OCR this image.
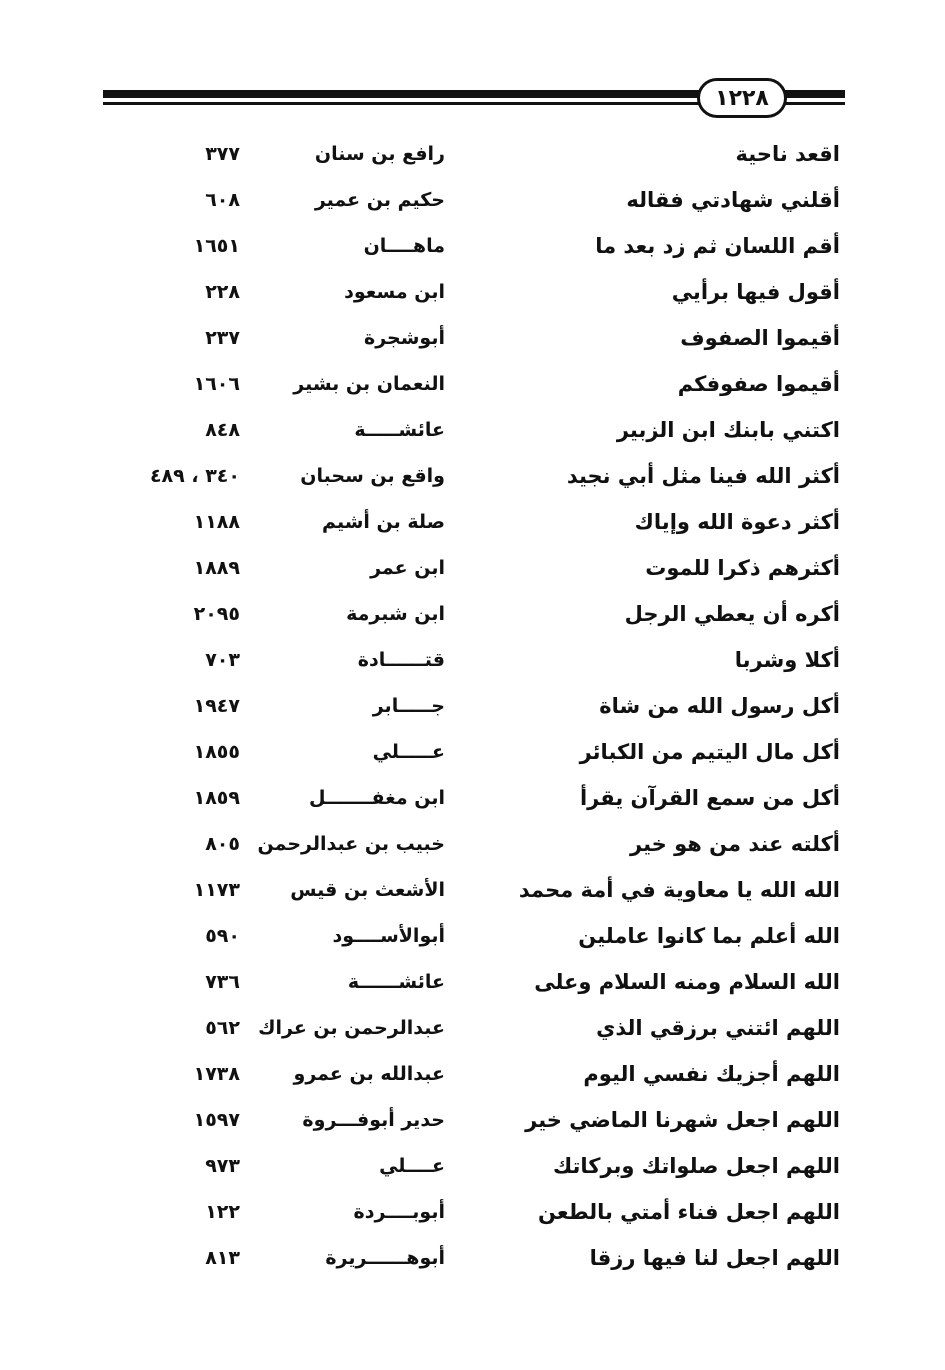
١٢٢٨
اقعد ناحية
رافع بن سنان
٣٧٧
أقلني شهادتي فقاله
حكيم بن عمير
٦٠٨
أقم اللسان ثم زد بعد ما
ماهــــان
١٦٥١
أقول فيها برأيي
ابن مسعود
٢٢٨
أقيموا الصفوف
أبوشجرة
٢٣٧
أقيموا صفوفكم
النعمان بن بشير
١٦٠٦
اكتني بابنك ابن الزبير
عائشـــــة
٨٤٨
أكثر الله فينا مثل أبي نجيد
واقع بن سحبان
٣٤٠ ، ٤٨٩
أكثر دعوة الله وإياك
صلة بن أشيم
١١٨٨
أكثرهم ذكرا للموت
ابن عمر
١٨٨٩
أكره أن يعطي الرجل
ابن شبرمة
٢٠٩٥
أكلا وشربا
قتــــــادة
٧٠٣
أكل رسول الله من شاة
جـــــابر
١٩٤٧
أكل مال اليتيم من الكبائر
عـــــلي
١٨٥٥
أكل من سمع القرآن يقرأ
ابن مغفـــــــل
١٨٥٩
أكلته عند من هو خير
خبيب بن عبدالرحمن
٨٠٥
الله الله يا معاوية في أمة محمد
الأشعث بن قيس
١١٧٣
الله أعلم بما كانوا عاملين
أبوالأســــود
٥٩٠
الله السلام ومنه السلام وعلى
عائشــــــة
٧٣٦
اللهم ائتني برزقي الذي
عبدالرحمن بن عراك
٥٦٢
اللهم أجزيك نفسي اليوم
عبدالله بن عمرو
١٧٣٨
اللهم اجعل شهرنا الماضي خير
حدير أبوفـــروة
١٥٩٧
اللهم اجعل صلواتك وبركاتك
عــــلي
٩٧٣
اللهم اجعل فناء أمتي بالطعن
أبوبــــردة
١٢٢
اللهم اجعل لنا فيها رزقا
أبوهــــــريرة
٨١٣
